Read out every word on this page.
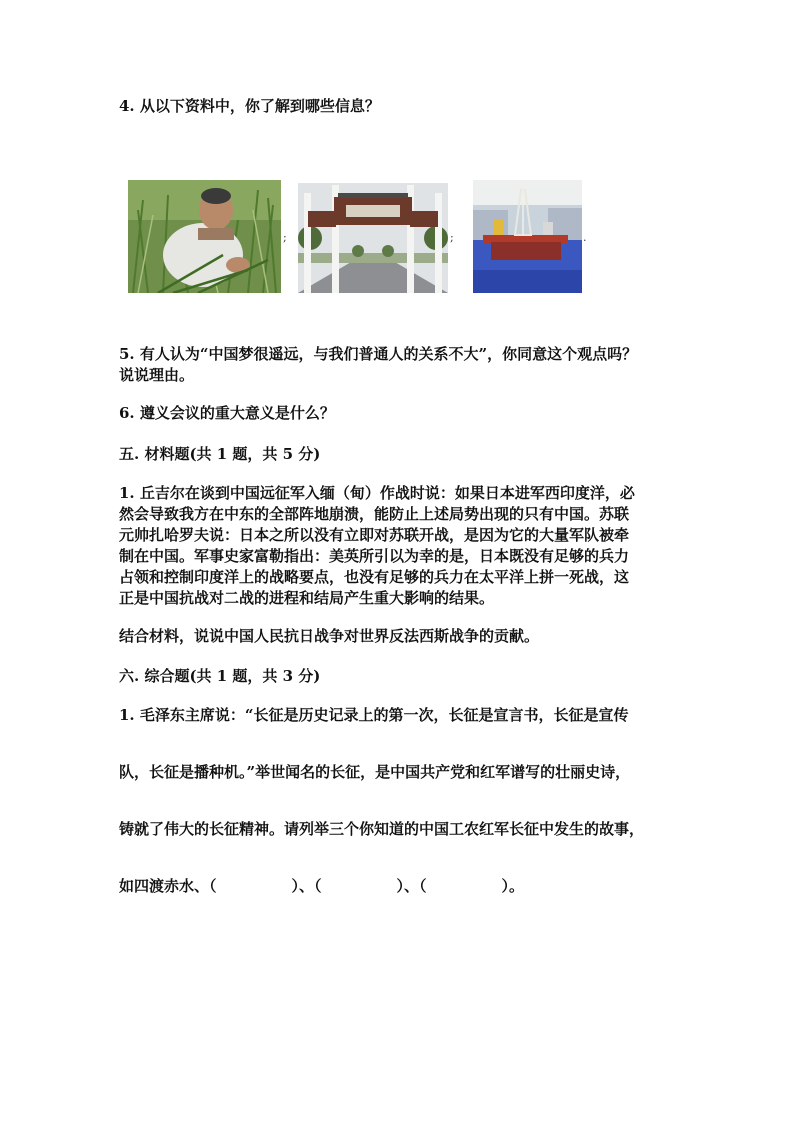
4. 从以下资料中，你了解到哪些信息？
;	;	.
5. 有人认为“中国梦很遥远，与我们普通人的关系不大”，你同意这个观点吗？
说说理由。
6. 遵义会议的重大意义是什么？
五. 材料题(共 1 题，共 5 分)
1. 丘吉尔在谈到中国远征军入缅（甸）作战时说：如果日本进军西印度洋，必
然会导致我方在中东的全部阵地崩溃，能防止上述局势出现的只有中国。苏联
元帅扎哈罗夫说：日本之所以没有立即对苏联开战，是因为它的大量军队被牵
制在中国。军事史家富勒指出：美英所引以为幸的是，日本既没有足够的兵力
占领和控制印度洋上的战略要点，也没有足够的兵力在太平洋上拼一死战，这
正是中国抗战对二战的进程和结局产生重大影响的结果。
结合材料，说说中国人民抗日战争对世界反法西斯战争的贡献。
六. 综合题(共 1 题，共 3 分)
1. 毛泽东主席说：“长征是历史记录上的第一次，长征是宣言书，长征是宣传
队，长征是播种机。”举世闻名的长征，是中国共产党和红军谱写的壮丽史诗，
铸就了伟大的长征精神。请列举三个你知道的中国工农红军长征中发生的故事，
如四渡赤水、（　　　　　）、（　　　　　）、（　　　　　）。
